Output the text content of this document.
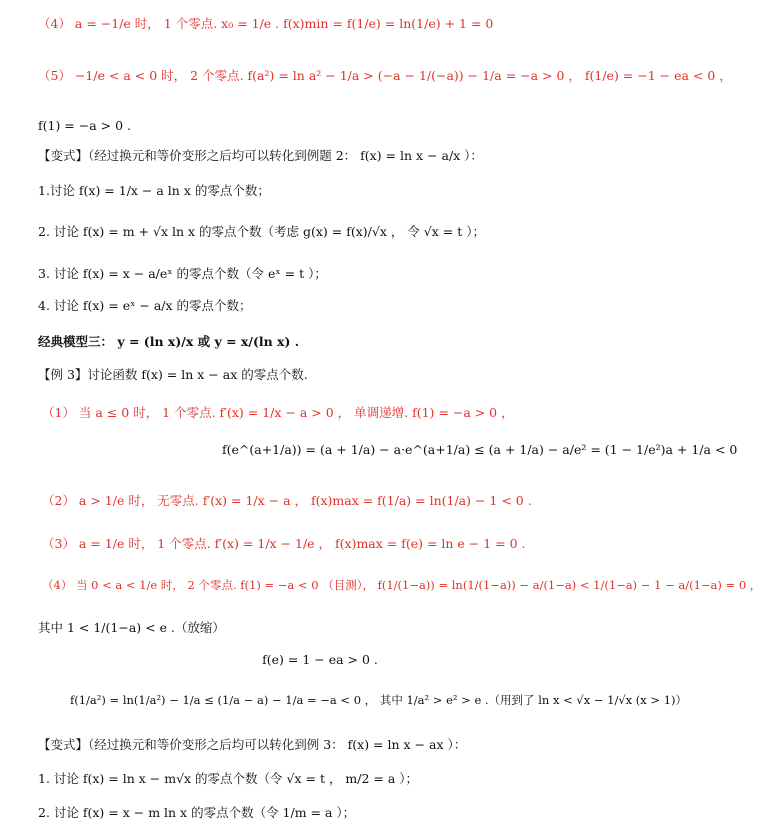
（4） a = −1/e 时， 1 个零点. x₀ = 1/e . f(x)min = f(1/e) = ln(1/e) + 1 = 0
（5） −1/e < a < 0 时， 2 个零点. f(a²) = ln a² − 1/a > (−a − 1/(−a)) − 1/a = −a > 0 ， f(1/e) = −1 − ea < 0 ，
f(1) = −a > 0 .
【变式】（经过换元和等价变形之后均可以转化到例题 2： f(x) = ln x − a/x ）：
1.讨论 f(x) = 1/x − a ln x 的零点个数；
2. 讨论 f(x) = m + √x ln x 的零点个数（考虑 g(x) = f(x)/√x ， 令 √x = t ）；
3. 讨论 f(x) = x − a/eˣ 的零点个数（令 eˣ = t ）；
4. 讨论 f(x) = eˣ − a/x 的零点个数；
经典模型三： y = (ln x)/x 或 y = x/(ln x) .
【例 3】讨论函数 f(x) = ln x − ax 的零点个数.
（1） 当 a ≤ 0 时， 1 个零点. f′(x) = 1/x − a > 0 ， 单调递增. f(1) = −a > 0 ，
f(e^(a+1/a)) = (a + 1/a) − a·e^(a+1/a) ≤ (a + 1/a) − a/e² = (1 − 1/e²)a + 1/a < 0
（2） a > 1/e 时， 无零点. f′(x) = 1/x − a ， f(x)max = f(1/a) = ln(1/a) − 1 < 0 .
（3） a = 1/e 时， 1 个零点. f′(x) = 1/x − 1/e ， f(x)max = f(e) = ln e − 1 = 0 .
（4） 当 0 < a < 1/e 时， 2 个零点. f(1) = −a < 0 （目测）， f(1/(1−a)) = ln(1/(1−a)) − a/(1−a) < 1/(1−a) − 1 − a/(1−a) = 0 ，
其中 1 < 1/(1−a) < e .（放缩）
f(e) = 1 − ea > 0 .
f(1/a²) = ln(1/a²) − 1/a ≤ (1/a − a) − 1/a = −a < 0 ， 其中 1/a² > e² > e .（用到了 ln x < √x − 1/√x (x > 1)）
【变式】（经过换元和等价变形之后均可以转化到例 3： f(x) = ln x − ax ）：
1. 讨论 f(x) = ln x − m√x 的零点个数（令 √x = t ， m/2 = a ）；
2. 讨论 f(x) = x − m ln x 的零点个数（令 1/m = a ）；
